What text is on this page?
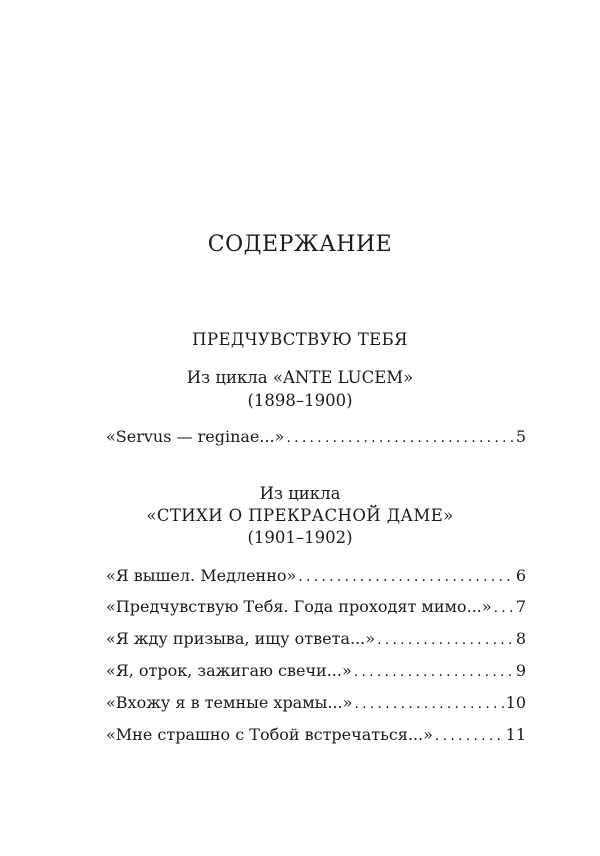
СОДЕРЖАНИЕ
ПРЕДЧУВСТВУЮ ТЕБЯ
Из цикла «ANTE LUCEM»
(1898–1900)
«Servus — reginae...» . . .	5
Из цикла
«СТИХИ О ПРЕКРАСНОЙ ДАМЕ»
(1901–1902)
«Я вышел. Медленно» . . .	6
«Предчувствую Тебя. Года проходят мимо...» . . . 7
«Я жду призыва, ищу ответа...» . . .	8
«Я, отрок, зажигаю свечи...» . . .	9
«Вхожу я в темные храмы...» . . .	10
«Мне страшно с Тобой встречаться...» . . .	11
